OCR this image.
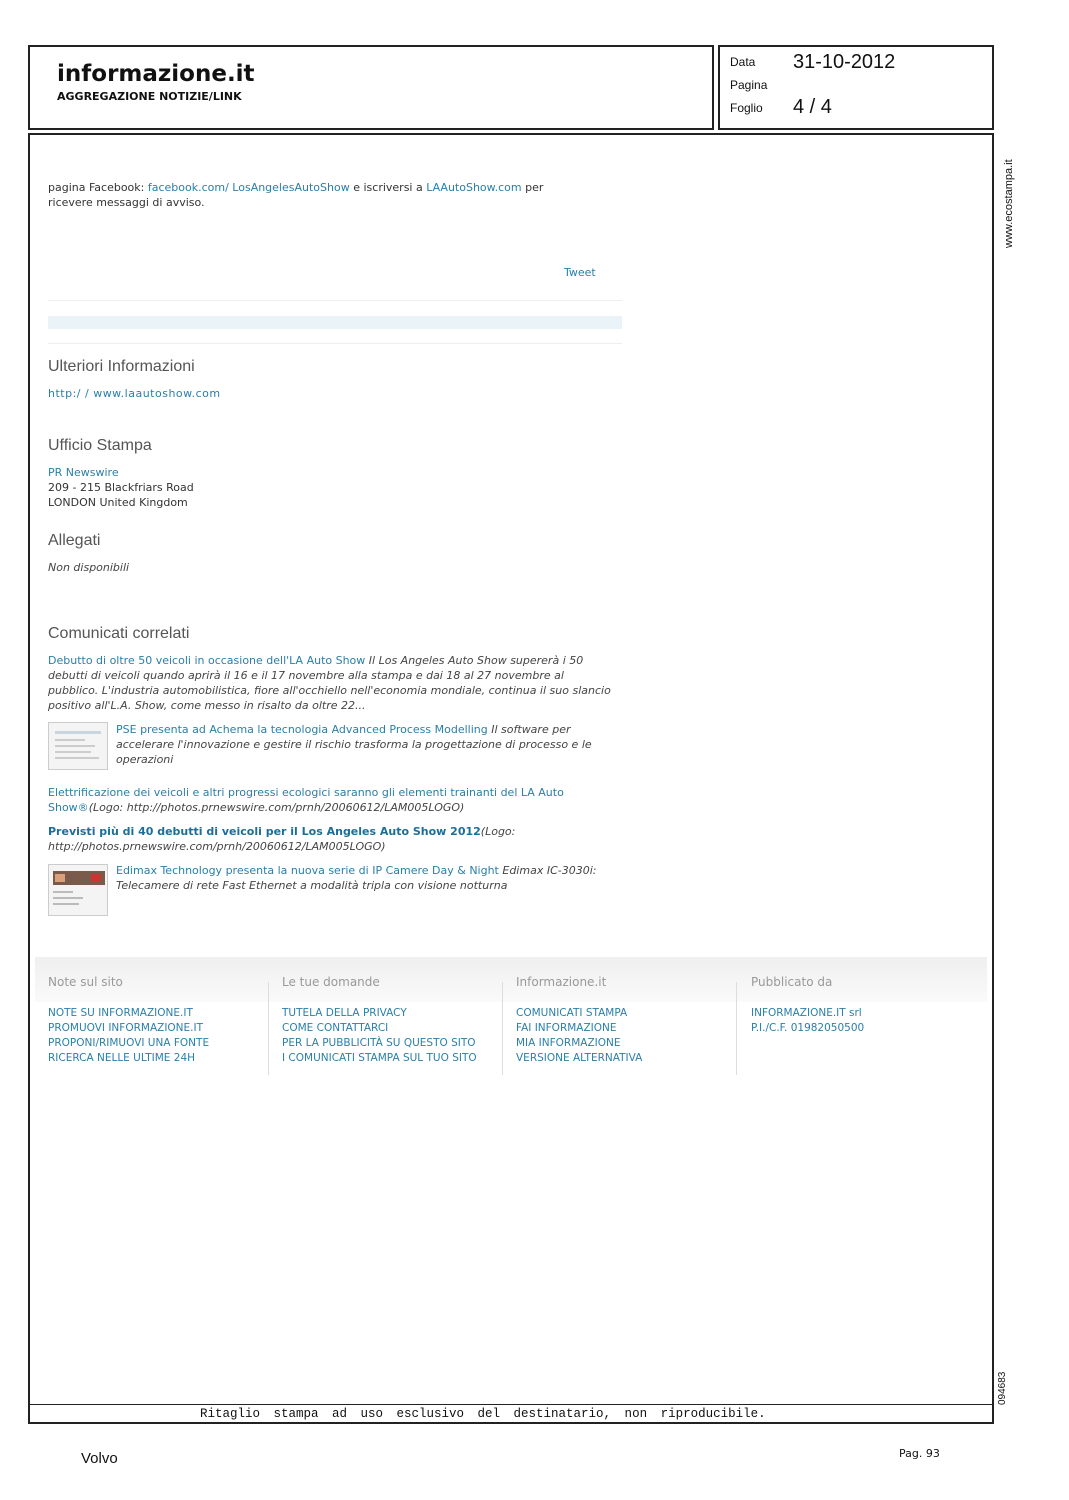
informazione.it
AGGREGAZIONE NOTIZIE/LINK
Data 31-10-2012
Pagina
Foglio 4 / 4
www.ecostampa.it
094683
pagina Facebook: facebook.com/ LosAngelesAutoShow e iscriversi a LAAutoShow.com per
ricevere messaggi di avviso.
Tweet
Ulteriori Informazioni
http:/ / www.laautoshow.com
Ufficio Stampa
PR Newswire
209 - 215 Blackfriars Road
LONDON United Kingdom
Allegati
Non disponibili
Comunicati correlati
Debutto di oltre 50 veicoli in occasione dell'LA Auto Show Il Los Angeles Auto Show supererà i 50 debutti di veicoli quando aprirà il 16 e il 17 novembre alla stampa e dai 18 al 27 novembre al pubblico. L'industria automobilistica, fiore all'occhiello nell'economia mondiale, continua il suo slancio positivo all'L.A. Show, come messo in risalto da oltre 22...
PSE presenta ad Achema la tecnologia Advanced Process Modelling Il software per accelerare l'innovazione e gestire il rischio trasforma la progettazione di processo e le operazioni
Elettrificazione dei veicoli e altri progressi ecologici saranno gli elementi trainanti del LA Auto Show®(Logo: http://photos.prnewswire.com/prnh/20060612/LAM005LOGO)
Previsti più di 40 debutti di veicoli per il Los Angeles Auto Show 2012(Logo: http://photos.prnewswire.com/prnh/20060612/LAM005LOGO)
Edimax Technology presenta la nuova serie di IP Camere Day & Night Edimax IC-3030i: Telecamere di rete Fast Ethernet a modalità tripla con visione notturna
Note sul sito
NOTE SU INFORMAZIONE.IT
PROMUOVI INFORMAZIONE.IT
PROPONI/RIMUOVI UNA FONTE
RICERCA NELLE ULTIME 24H
Le tue domande
TUTELA DELLA PRIVACY
COME CONTATTARCI
PER LA PUBBLICITÀ SU QUESTO SITO
I COMUNICATI STAMPA SUL TUO SITO
Informazione.it
COMUNICATI STAMPA
FAI INFORMAZIONE
MIA INFORMAZIONE
VERSIONE ALTERNATIVA
Pubblicato da
INFORMAZIONE.IT srl
P.I./C.F. 01982050500
Ritaglio stampa ad uso esclusivo del destinatario, non riproducibile.
Volvo	Pag. 93
